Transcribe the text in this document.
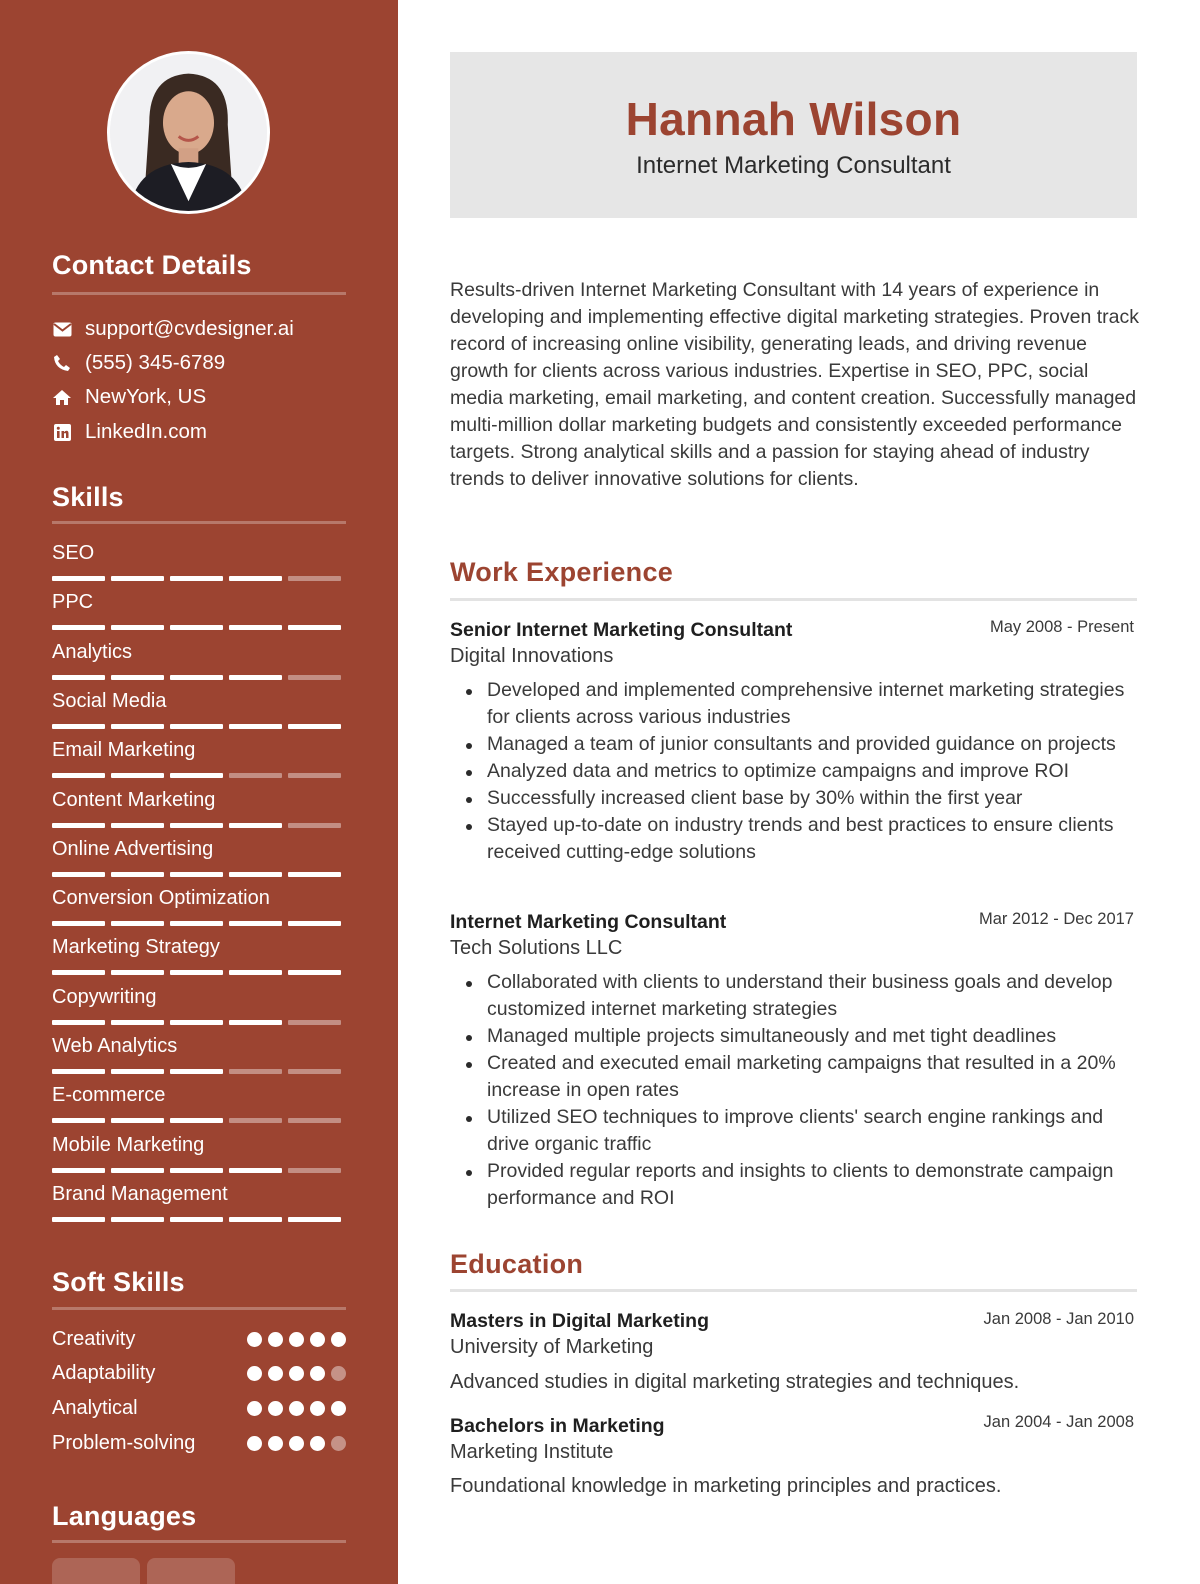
Contact Details
support@cvdesigner.ai
(555) 345-6789
NewYork, US
LinkedIn.com
Skills
SEO
PPC
Analytics
Social Media
Email Marketing
Content Marketing
Online Advertising
Conversion Optimization
Marketing Strategy
Copywriting
Web Analytics
E-commerce
Mobile Marketing
Brand Management
Soft Skills
Creativity
Adaptability
Analytical
Problem-solving
Languages
Hannah Wilson
Internet Marketing Consultant

Results-driven Internet Marketing Consultant with 14 years of experience in developing and implementing effective digital marketing strategies. Proven track record of increasing online visibility, generating leads, and driving revenue growth for clients across various industries. Expertise in SEO, PPC, social media marketing, email marketing, and content creation. Successfully managed multi-million dollar marketing budgets and consistently exceeded performance targets. Strong analytical skills and a passion for staying ahead of industry trends to deliver innovative solutions for clients.

Work Experience
Senior Internet Marketing Consultant	May 2008 - Present
Digital Innovations
Developed and implemented comprehensive internet marketing strategies for clients across various industries
Managed a team of junior consultants and provided guidance on projects
Analyzed data and metrics to optimize campaigns and improve ROI
Successfully increased client base by 30% within the first year
Stayed up-to-date on industry trends and best practices to ensure clients received cutting-edge solutions
Internet Marketing Consultant	Mar 2012 - Dec 2017
Tech Solutions LLC
Collaborated with clients to understand their business goals and develop customized internet marketing strategies
Managed multiple projects simultaneously and met tight deadlines
Created and executed email marketing campaigns that resulted in a 20% increase in open rates
Utilized SEO techniques to improve clients' search engine rankings and drive organic traffic
Provided regular reports and insights to clients to demonstrate campaign performance and ROI
Education
Masters in Digital Marketing	Jan 2008 - Jan 2010
University of Marketing
Advanced studies in digital marketing strategies and techniques.
Bachelors in Marketing	Jan 2004 - Jan 2008
Marketing Institute
Foundational knowledge in marketing principles and practices.
